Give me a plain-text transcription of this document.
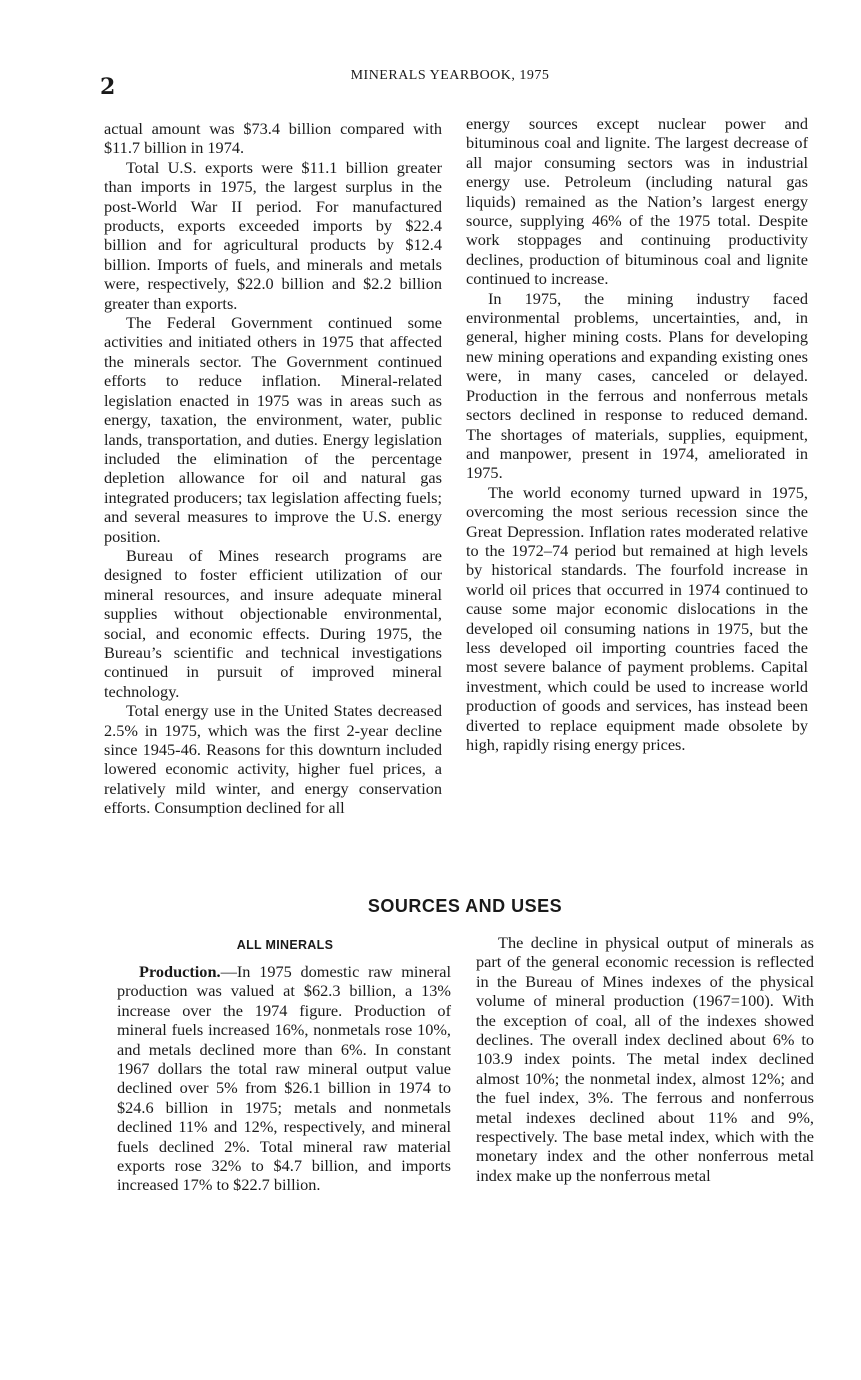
2	MINERALS YEARBOOK, 1975

actual amount was $73.4 billion compared with $11.7 billion in 1974.

Total U.S. exports were $11.1 billion greater than imports in 1975, the largest surplus in the post-World War II period. For manufactured products, exports exceeded imports by $22.4 billion and for agricultural products by $12.4 billion. Imports of fuels, and minerals and metals were, respectively, $22.0 billion and $2.2 billion greater than exports.

The Federal Government continued some activities and initiated others in 1975 that affected the minerals sector. The Government continued efforts to reduce inflation. Mineral-related legislation enacted in 1975 was in areas such as energy, taxation, the environment, water, public lands, transportation, and duties. Energy legislation included the elimination of the percentage depletion allowance for oil and natural gas integrated producers; tax legislation affecting fuels; and several measures to improve the U.S. energy position.

Bureau of Mines research programs are designed to foster efficient utilization of our mineral resources, and insure adequate mineral supplies without objectionable environmental, social, and economic effects. During 1975, the Bureau’s scientific and technical investigations continued in pursuit of improved mineral technology.

Total energy use in the United States decreased 2.5% in 1975, which was the first 2-year decline since 1945-46. Reasons for this downturn included lowered economic activity, higher fuel prices, a relatively mild winter, and energy conservation efforts. Consumption declined for all

energy sources except nuclear power and bituminous coal and lignite. The largest decrease of all major consuming sectors was in industrial energy use. Petroleum (including natural gas liquids) remained as the Nation’s largest energy source, supplying 46% of the 1975 total. Despite work stoppages and continuing productivity declines, production of bituminous coal and lignite continued to increase.

In 1975, the mining industry faced environmental problems, uncertainties, and, in general, higher mining costs. Plans for developing new mining operations and expanding existing ones were, in many cases, canceled or delayed. Production in the ferrous and nonferrous metals sectors declined in response to reduced demand. The shortages of materials, supplies, equipment, and manpower, present in 1974, ameliorated in 1975.

The world economy turned upward in 1975, overcoming the most serious recession since the Great Depression. Inflation rates moderated relative to the 1972–74 period but remained at high levels by historical standards. The fourfold increase in world oil prices that occurred in 1974 continued to cause some major economic dislocations in the developed oil consuming nations in 1975, but the less developed oil importing countries faced the most severe balance of payment problems. Capital investment, which could be used to increase world production of goods and services, has instead been diverted to replace equipment made obsolete by high, rapidly rising energy prices.

SOURCES AND USES
ALL MINERALS

Production.—In 1975 domestic raw mineral production was valued at $62.3 billion, a 13% increase over the 1974 figure. Production of mineral fuels increased 16%, nonmetals rose 10%, and metals declined more than 6%. In constant 1967 dollars the total raw mineral output value declined over 5% from $26.1 billion in 1974 to $24.6 billion in 1975; metals and nonmetals declined 11% and 12%, respectively, and mineral fuels declined 2%. Total mineral raw material exports rose 32% to $4.7 billion, and imports increased 17% to $22.7 billion.

The decline in physical output of minerals as part of the general economic recession is reflected in the Bureau of Mines indexes of the physical volume of mineral production (1967=100). With the exception of coal, all of the indexes showed declines. The overall index declined about 6% to 103.9 index points. The metal index declined almost 10%; the nonmetal index, almost 12%; and the fuel index, 3%. The ferrous and nonferrous metal indexes declined about 11% and 9%, respectively. The base metal index, which with the monetary index and the other nonferrous metal index make up the nonferrous metal
